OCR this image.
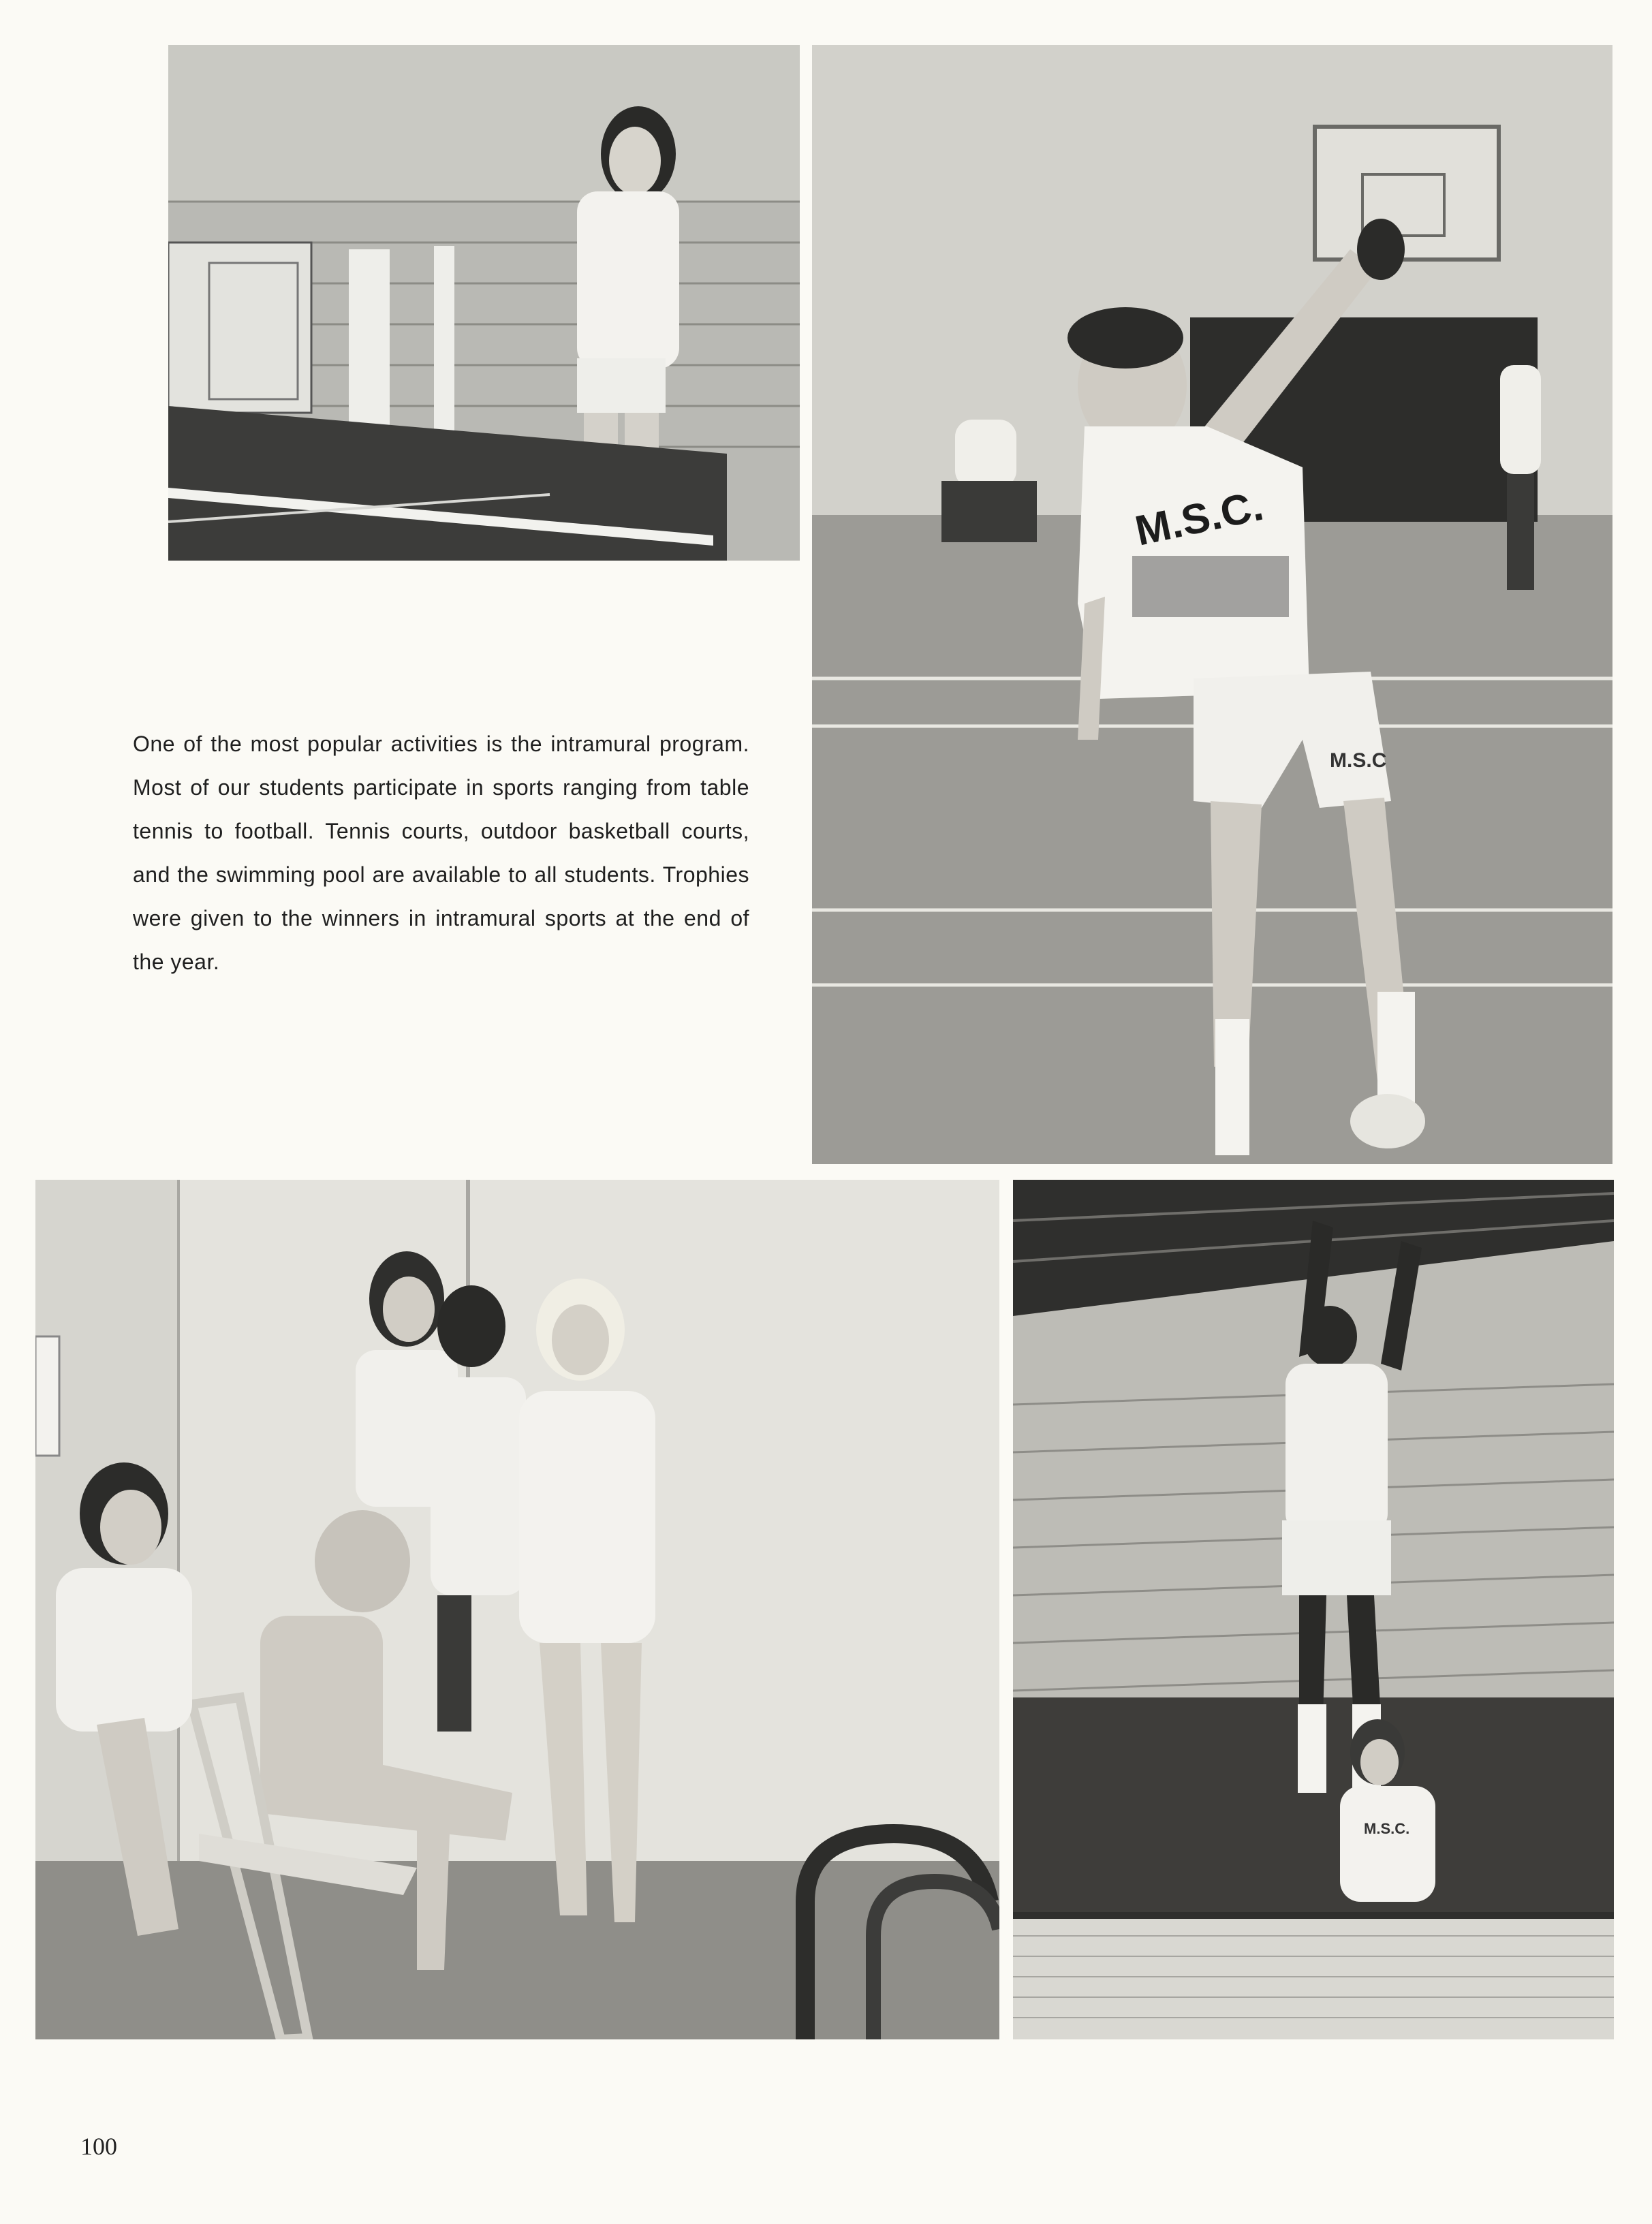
M.S.C.
M.S.C
M.S.C.

One of the most popular activities is the intramural program. Most of our students participate in sports ranging from table tennis to football. Tennis courts, outdoor basketball courts, and the swimming pool are available to all students. Trophies were given to the winners in intramural sports at the end of the year.

100
